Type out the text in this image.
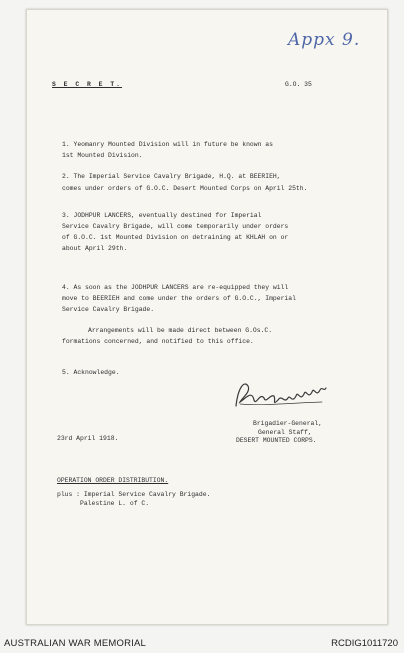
Appx 9.
S E C R E T.	G.O. 35
1. Yeomanry Mounted Division will in future be known as
1st Mounted Division.
2. The Imperial Service Cavalry Brigade, H.Q. at BEERIEH,
comes under orders of G.O.C. Desert Mounted Corps on April 25th.
3. JODHPUR LANCERS, eventually destined for Imperial
Service Cavalry Brigade, will come temporarily under orders
of G.O.C. 1st Mounted Division on detraining at KHLAH on or
about April 29th.
4. As soon as the JODHPUR LANCERS are re-equipped they will
move to BEERIEH and come under the orders of G.O.C., Imperial
Service Cavalry Brigade.
Arrangements will be made direct between G.Os.C.
formations concerned, and notified to this office.
5. Acknowledge.
Brigadier-General,
General Staff,
DESERT MOUNTED CORPS.
23rd April 1918.
OPERATION ORDER DISTRIBUTION.
plus : Imperial Service Cavalry Brigade.
Palestine L. of C.
AUSTRALIAN WAR MEMORIAL	RCDIG1011720
